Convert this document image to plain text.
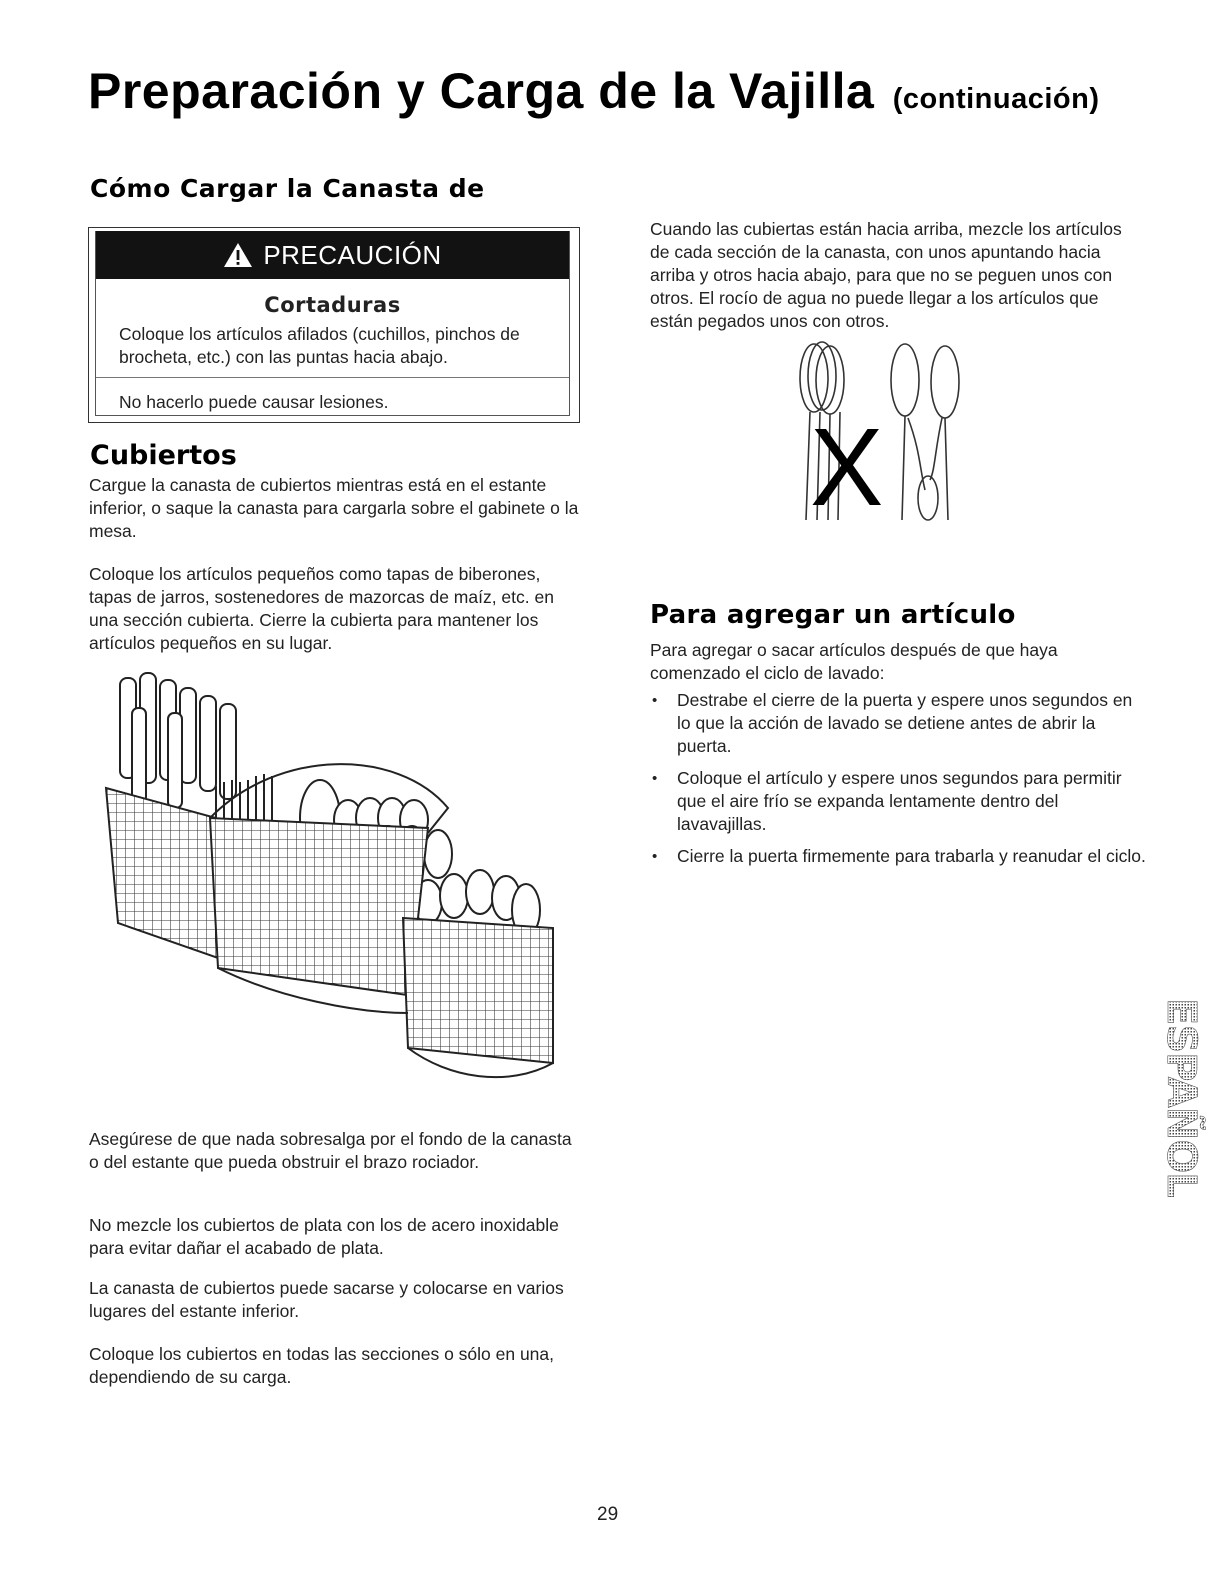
Preparación y Carga de la Vajilla (continuación)
Cómo Cargar la Canasta de
PRECAUCIÓN
Cortaduras

Coloque los artículos afilados (cuchillos, pinchos de brocheta, etc.) con las puntas hacia abajo.

No hacerlo puede causar lesiones.

Cubiertos

Cargue la canasta de cubiertos mientras está en el estante inferior, o saque la canasta para cargarla sobre el gabinete o la mesa.

Coloque los artículos pequeños como tapas de biberones, tapas de jarros, sostenedores de mazorcas de maíz, etc. en una sección cubierta. Cierre la cubierta para mantener los artículos pequeños en su lugar.

Asegúrese de que nada sobresalga por el fondo de la canasta o del estante que pueda obstruir el brazo rociador.

No mezcle los cubiertos de plata con los de acero inoxidable para evitar dañar el acabado de plata.

La canasta de cubiertos puede sacarse y colocarse en varios lugares del estante inferior.

Coloque los cubiertos en todas las secciones o sólo en una, dependiendo de su carga.

Cuando las cubiertas están hacia arriba, mezcle los artículos de cada sección de la canasta, con unos apuntando hacia arriba y otros hacia abajo, para que no se peguen unos con otros. El rocío de agua no puede llegar a los artículos que están pegados unos con otros.

X
Para agregar un artículo

Para agregar o sacar artículos después de que haya comenzado el ciclo de lavado:

• Destrabe el cierre de la puerta y espere unos segundos en lo que la acción de lavado se detiene antes de abrir la puerta.
• Coloque el artículo y espere unos segundos para permitir que el aire frío se expanda lentamente dentro del lavavajillas.
• Cierre la puerta firmemente para trabarla y reanudar el ciclo.
ESPAÑOL
29
